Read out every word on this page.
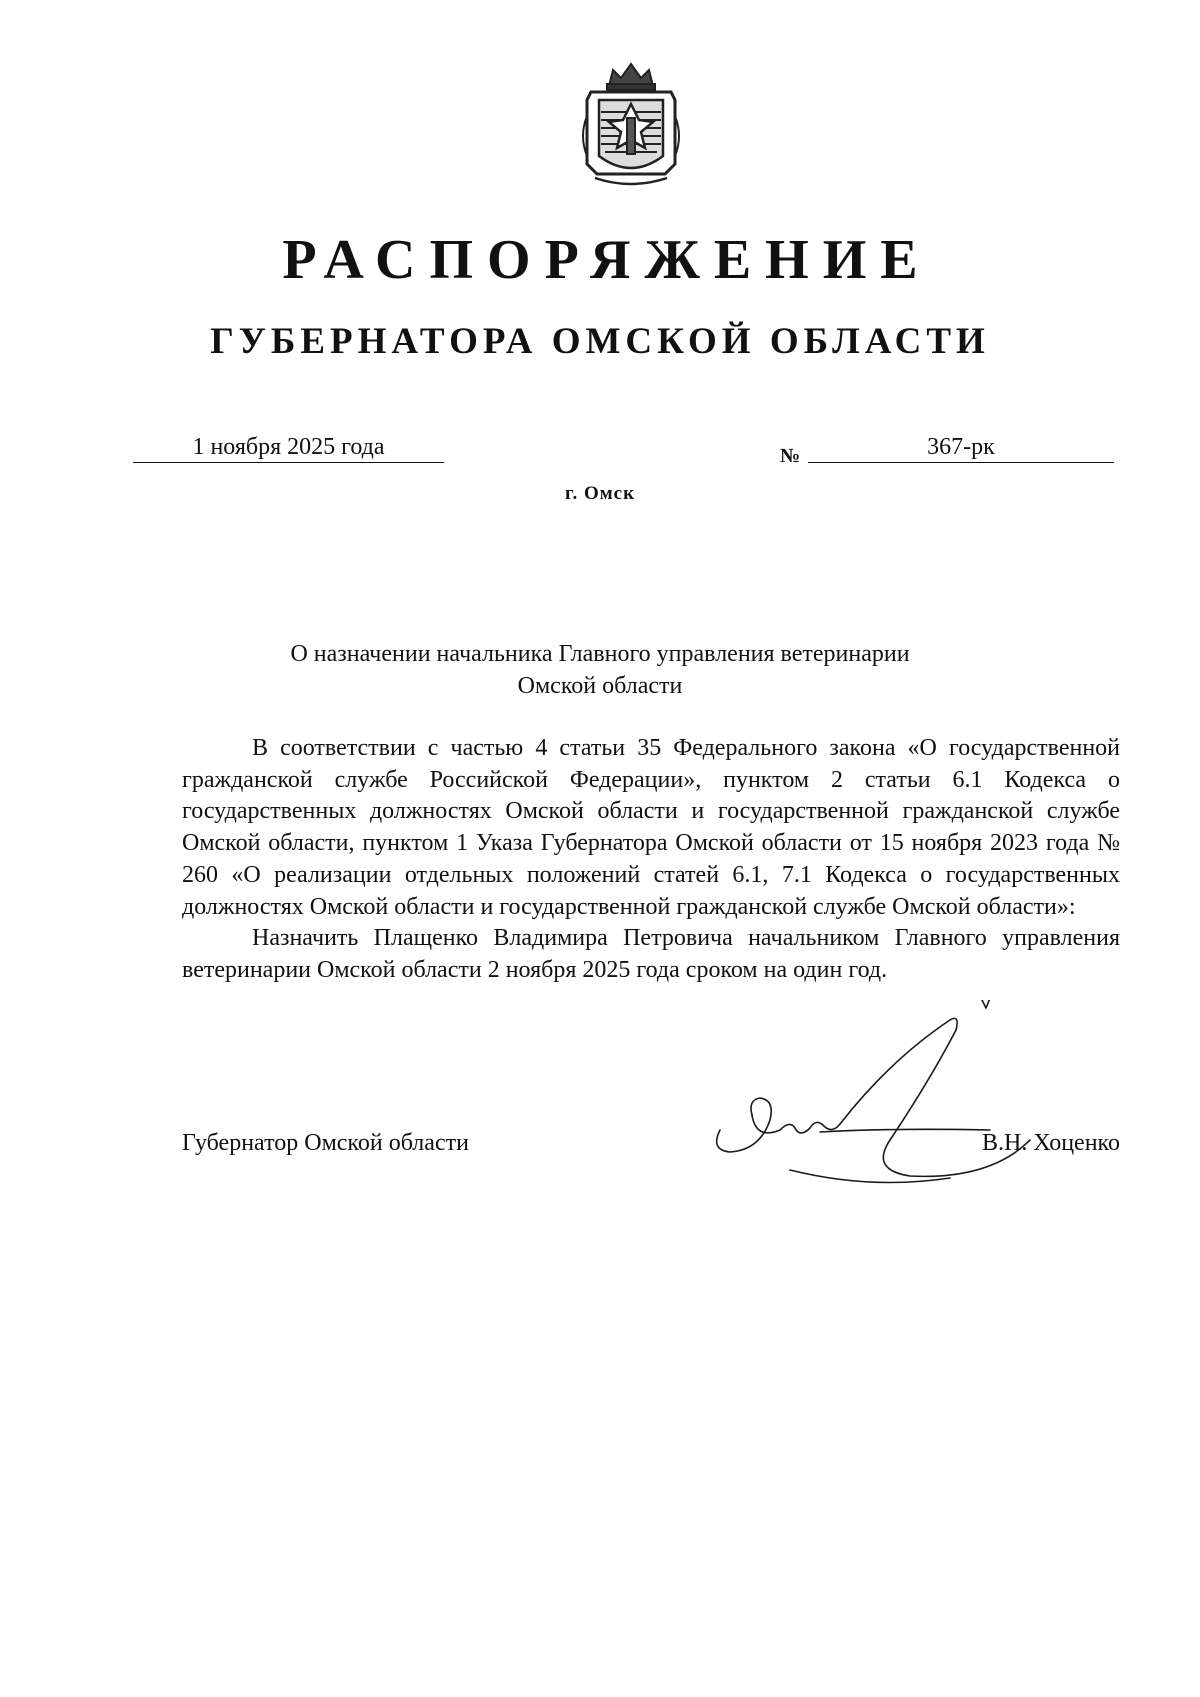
РАСПОРЯЖЕНИЕ
ГУБЕРНАТОРА ОМСКОЙ ОБЛАСТИ
1 ноября 2025 года	№	367-рк
г. Омск
О назначении начальника Главного управления ветеринарии
Омской области

В соответствии с частью 4 статьи 35 Федерального закона «О государственной гражданской службе Российской Федерации», пунктом 2 статьи 6.1 Кодекса о государственных должностях Омской области и государственной гражданской службе Омской области, пунктом 1 Указа Губернатора Омской области от 15 ноября 2023 года № 260 «О реализации отдельных положений статей 6.1, 7.1 Кодекса о государственных должностях Омской области и государственной гражданской службе Омской области»:

Назначить Плащенко Владимира Петровича начальником Главного управления ветеринарии Омской области 2 ноября 2025 года сроком на один год.

Губернатор Омской области	В.Н. Хоценко
